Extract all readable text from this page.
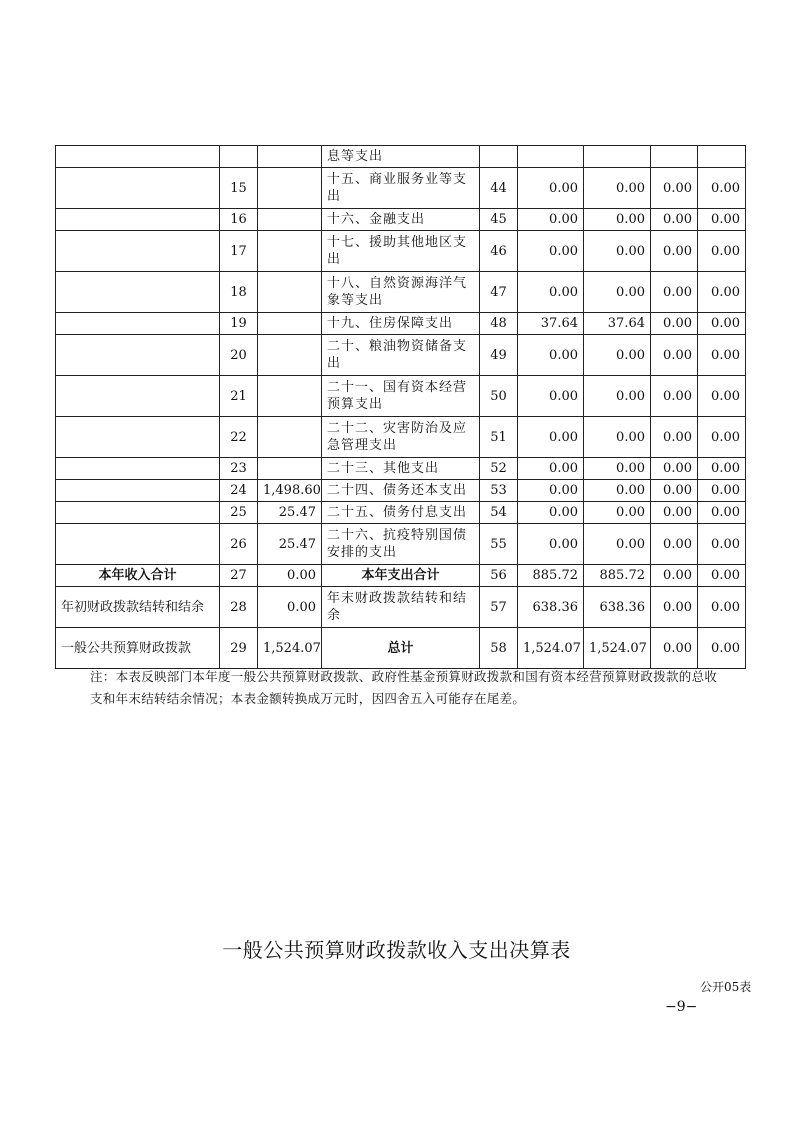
			息等支出					
	15		十五、商业服务业等支出	44	0.00	0.00	0.00	0.00
	16		十六、金融支出	45	0.00	0.00	0.00	0.00
	17		十七、援助其他地区支出	46	0.00	0.00	0.00	0.00
	18		十八、自然资源海洋气象等支出	47	0.00	0.00	0.00	0.00
	19		十九、住房保障支出	48	37.64	37.64	0.00	0.00
	20		二十、粮油物资储备支出	49	0.00	0.00	0.00	0.00
	21		二十一、国有资本经营预算支出	50	0.00	0.00	0.00	0.00
	22		二十二、灾害防治及应急管理支出	51	0.00	0.00	0.00	0.00
	23		二十三、其他支出	52	0.00	0.00	0.00	0.00
	24	1,498.60	二十四、债务还本支出	53	0.00	0.00	0.00	0.00
	25	25.47	二十五、债务付息支出	54	0.00	0.00	0.00	0.00
	26	25.47	二十六、抗疫特别国债安排的支出	55	0.00	0.00	0.00	0.00
本年收入合计	27	0.00	本年支出合计	56	885.72	885.72	0.00	0.00
年初财政拨款结转和结余	28	0.00	年末财政拨款结转和结余	57	638.36	638.36	0.00	0.00
一般公共预算财政拨款	29	1,524.07	总计	58	1,524.07	1,524.07	0.00	0.00
注：本表反映部门本年度一般公共预算财政拨款、政府性基金预算财政拨款和国有资本经营预算财政拨款的总收支和年末结转结余情况；本表金额转换成万元时，因四舍五入可能存在尾差。
一般公共预算财政拨款收入支出决算表
公开05表
−9−
